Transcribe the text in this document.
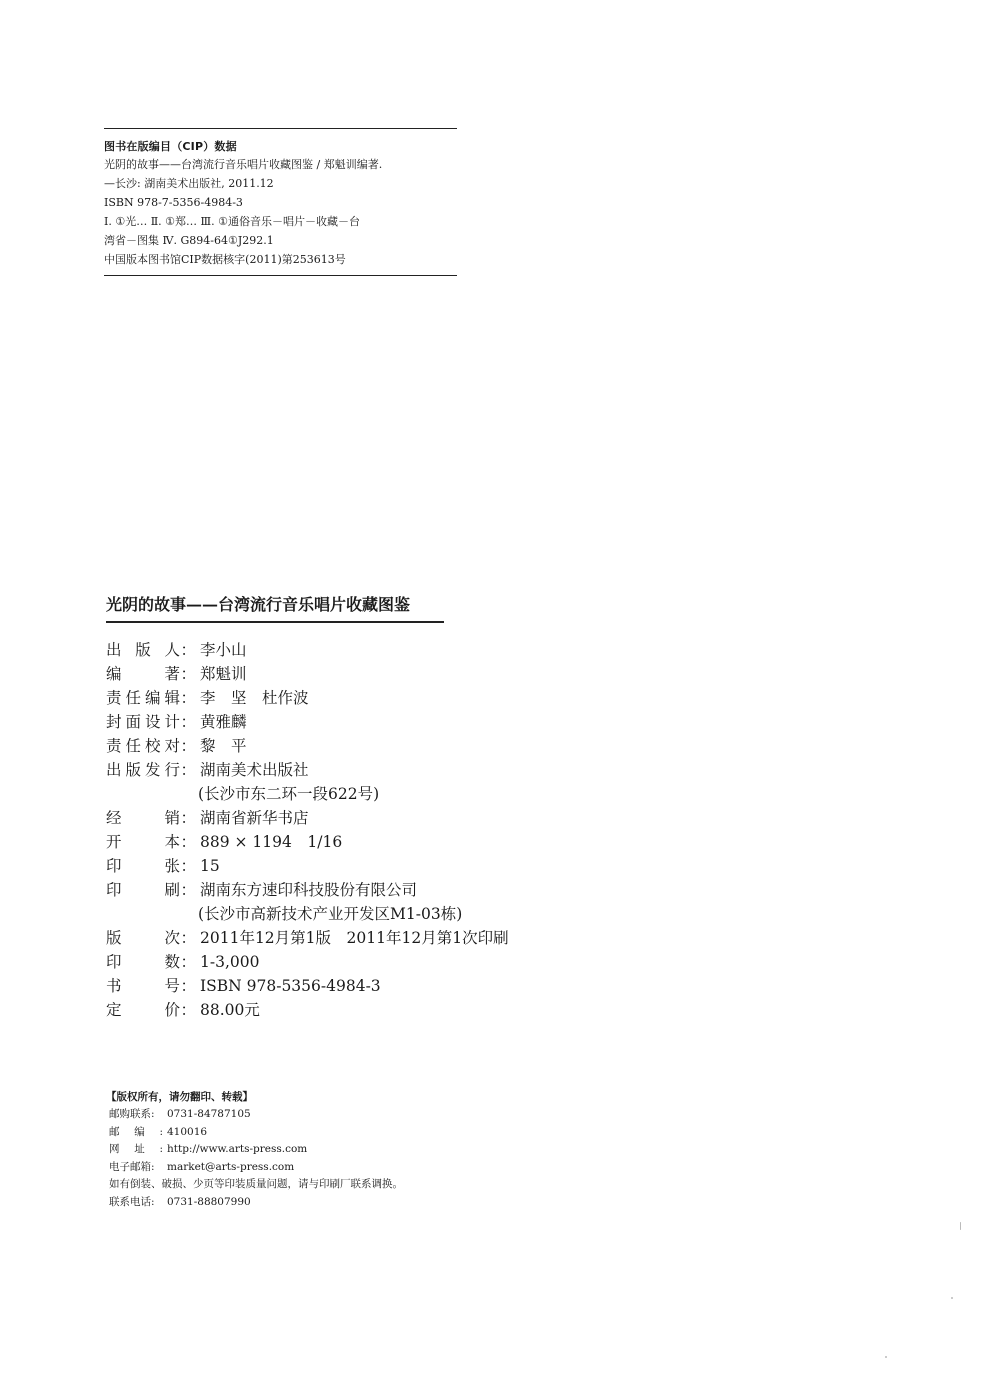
图书在版编目（CIP）数据
光阴的故事——台湾流行音乐唱片收藏图鉴 / 郑魁训编著.
—长沙: 湖南美术出版社, 2011.12
ISBN 978-7-5356-4984-3
Ⅰ. ①光… Ⅱ. ①郑… Ⅲ. ①通俗音乐－唱片－收藏－台
湾省－图集 Ⅳ. G894-64①J292.1
中国版本图书馆CIP数据核字(2011)第253613号
光阴的故事——台湾流行音乐唱片收藏图鉴
出版人 ： 李小山
编著 ： 郑魁训
责任编辑 ： 李　坚　杜作波
封面设计 ： 黄雅麟
责任校对 ： 黎　平
出版发行 ： 湖南美术出版社
(长沙市东二环一段622号)
经销 ： 湖南省新华书店
开本 ： 889 × 1194　1/16
印张 ： 15
印刷 ： 湖南东方速印科技股份有限公司
(长沙市高新技术产业开发区M1-03栋)
版次 ： 2011年12月第1版　2011年12月第1次印刷
印数 ： 1-3,000
书号 ： ISBN 978-5356-4984-3
定价 ： 88.00元
【版权所有，请勿翻印、转载】
邮购联系:	0731-84787105
邮编: 410016
网址: http://www.arts-press.com
电子邮箱:	market@arts-press.com
如有倒装、破损、少页等印装质量问题，请与印刷厂联系调换。
联系电话:	0731-88807990
